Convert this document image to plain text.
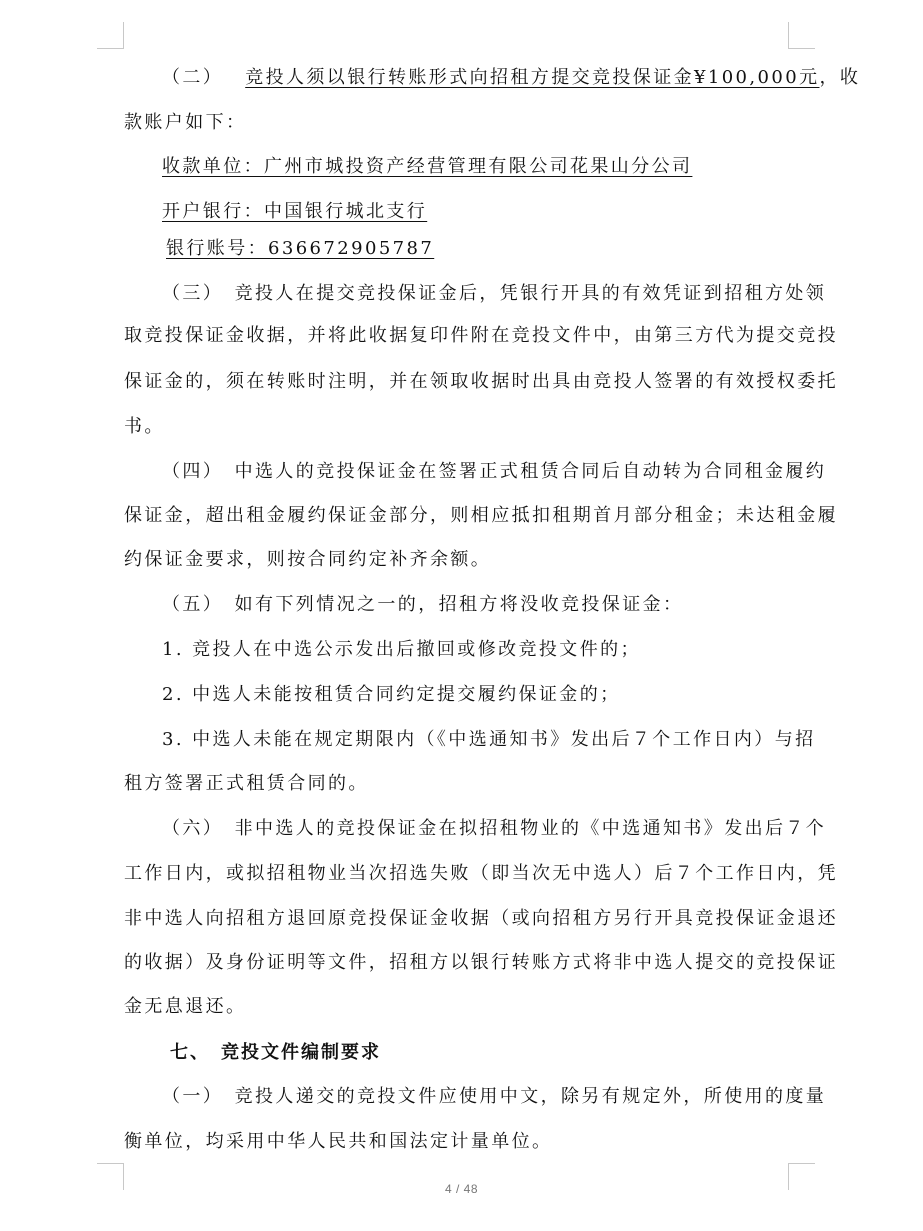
（二） 竞投人须以银行转账形式向招租方提交竞投保证金¥100,000元，收
款账户如下：
收款单位：广州市城投资产经营管理有限公司花果山分公司
开户银行：中国银行城北支行
银行账号：636672905787
（三）　竞投人在提交竞投保证金后，凭银行开具的有效凭证到招租方处领
取竞投保证金收据，并将此收据复印件附在竞投文件中，由第三方代为提交竞投
保证金的，须在转账时注明，并在领取收据时出具由竞投人签署的有效授权委托
书。
（四）　中选人的竞投保证金在签署正式租赁合同后自动转为合同租金履约
保证金，超出租金履约保证金部分，则相应抵扣租期首月部分租金；未达租金履
约保证金要求，则按合同约定补齐余额。
（五）　如有下列情况之一的，招租方将没收竞投保证金：
1. 竞投人在中选公示发出后撤回或修改竞投文件的；
2. 中选人未能按租赁合同约定提交履约保证金的；
3. 中选人未能在规定期限内（《中选通知书》发出后７个工作日内）与招
租方签署正式租赁合同的。
（六）　非中选人的竞投保证金在拟招租物业的《中选通知书》发出后７个
工作日内，或拟招租物业当次招选失败（即当次无中选人）后７个工作日内，凭
非中选人向招租方退回原竞投保证金收据（或向招租方另行开具竞投保证金退还
的收据）及身份证明等文件，招租方以银行转账方式将非中选人提交的竞投保证
金无息退还。
七、　竞投文件编制要求
（一）　竞投人递交的竞投文件应使用中文，除另有规定外，所使用的度量
衡单位，均采用中华人民共和国法定计量单位。
4 / 48
